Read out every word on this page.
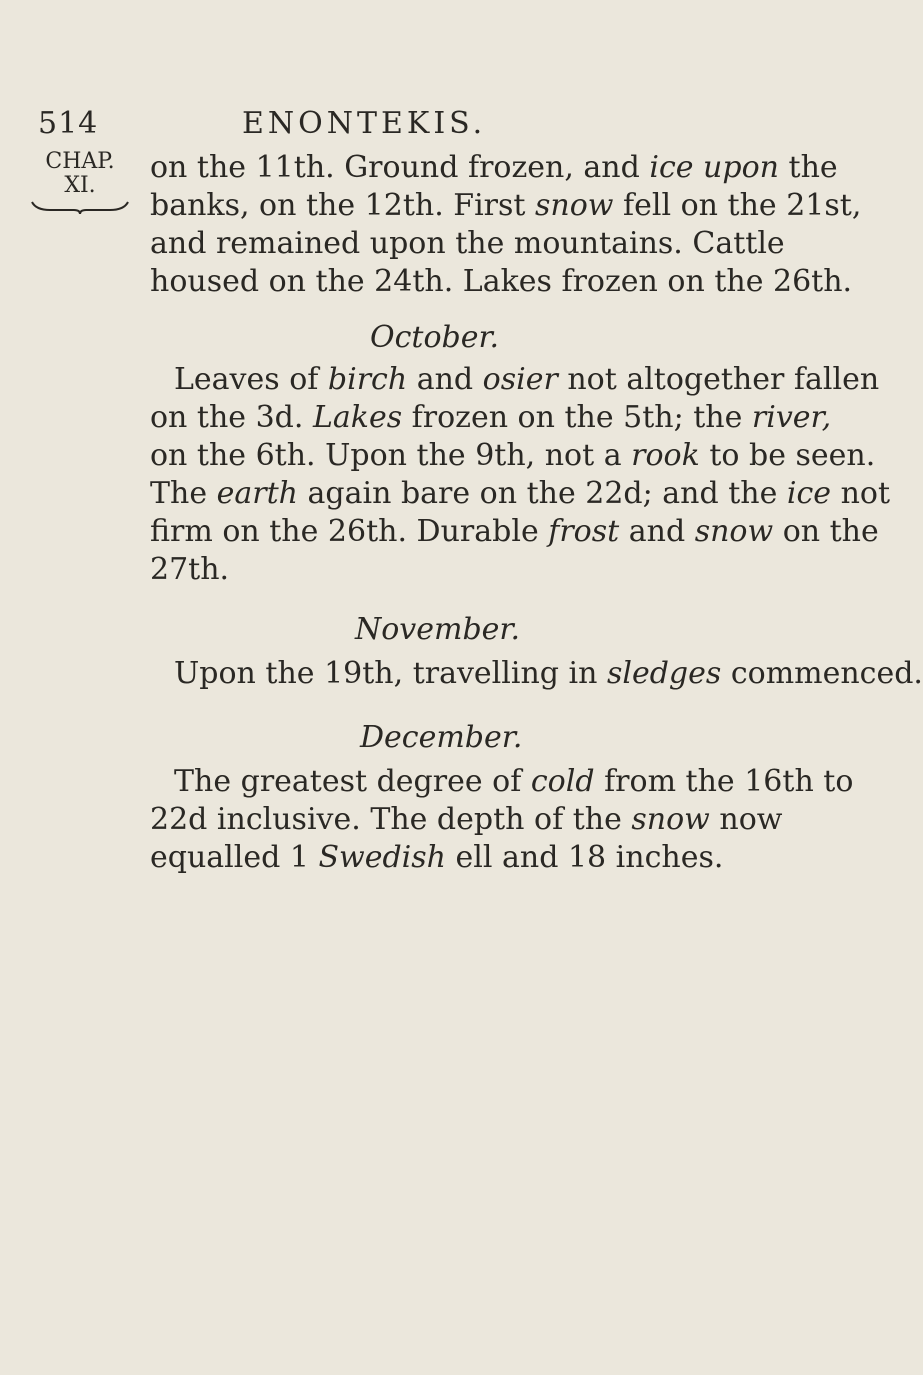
514	ENONTEKIS.
CHAP.
XI.
on the 11th. Ground frozen, and ice upon the
banks, on the 12th. First snow fell on the 21st,
and remained upon the mountains. Cattle
housed on the 24th. Lakes frozen on the 26th.
October.
Leaves of birch and osier not altogether fallen
on the 3d. Lakes frozen on the 5th; the river,
on the 6th. Upon the 9th, not a rook to be seen.
The earth again bare on the 22d; and the ice not
firm on the 26th. Durable frost and snow on the
27th.
November.
Upon the 19th, travelling in sledges commenced.
December.
The greatest degree of cold from the 16th to
22d inclusive. The depth of the snow now
equalled 1 Swedish ell and 18 inches.
